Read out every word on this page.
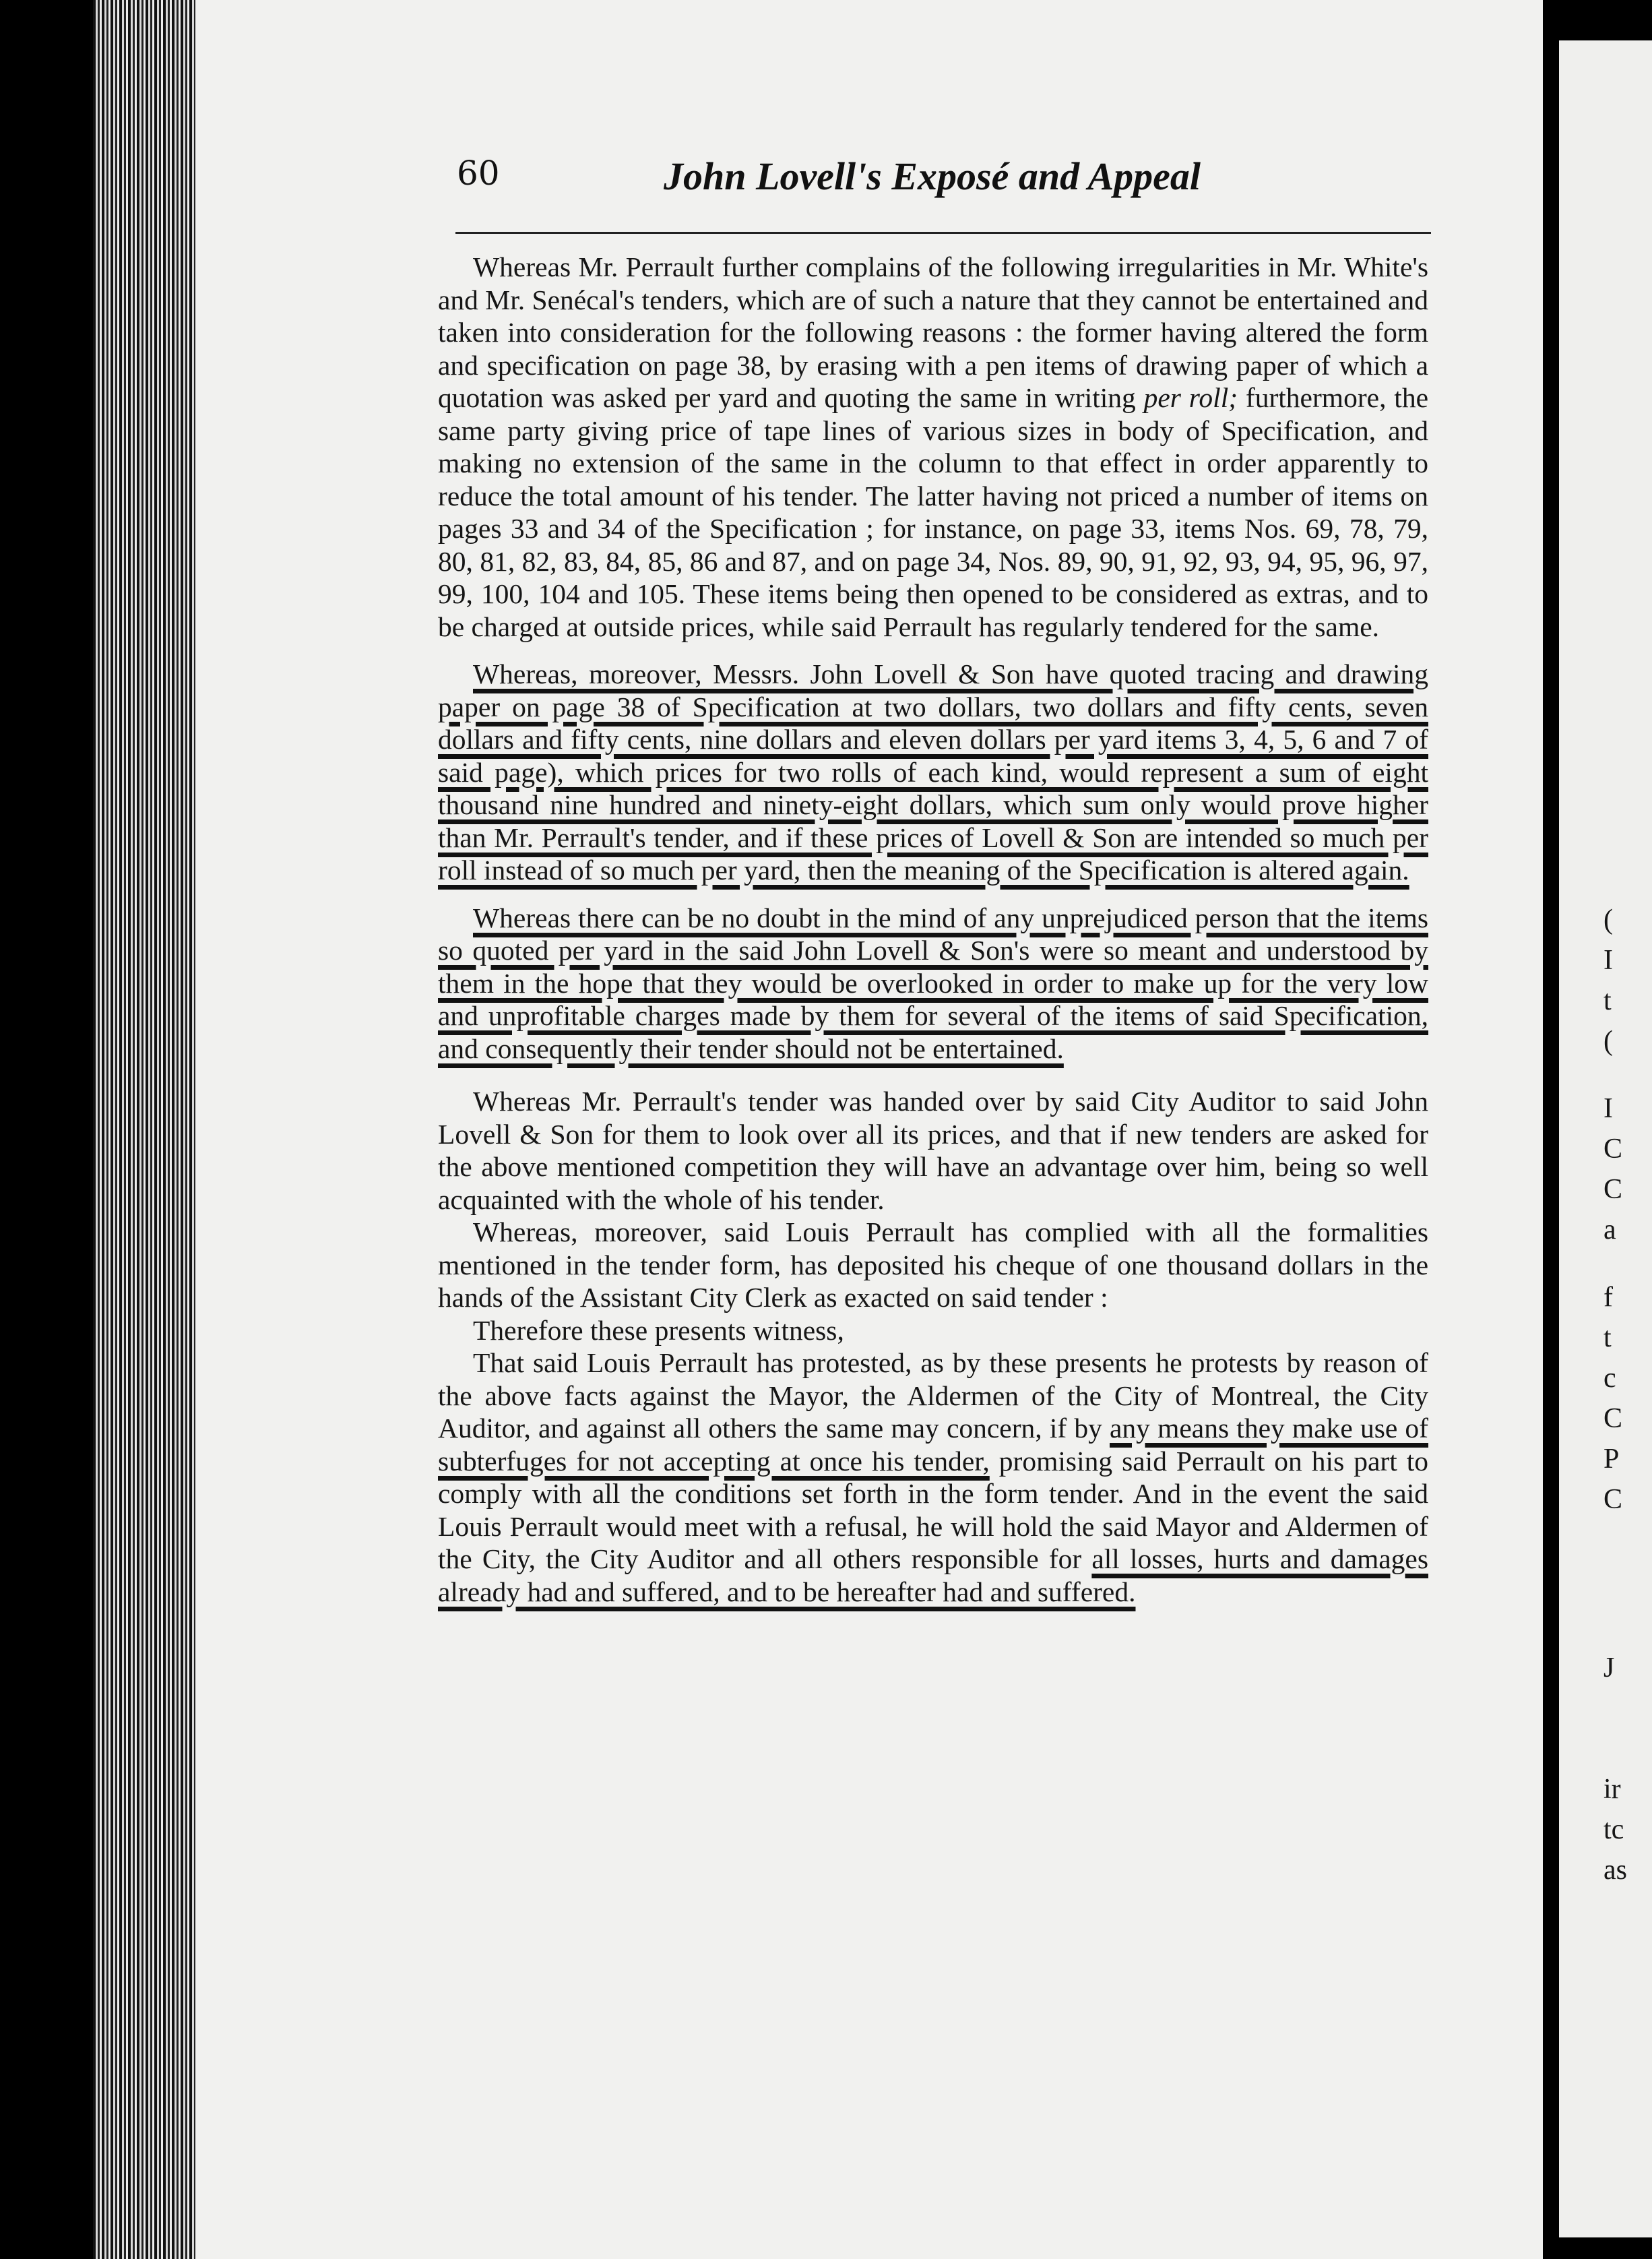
60	John Lovell's Exposé and Appeal

Whereas Mr. Perrault further complains of the following irregularities in Mr. White's and Mr. Senécal's tenders, which are of such a nature that they cannot be entertained and taken into consideration for the following reasons : the former having altered the form and specification on page 38, by erasing with a pen items of drawing paper of which a quotation was asked per yard and quoting the same in writing per roll; furthermore, the same party giving price of tape lines of various sizes in body of Specification, and making no extension of the same in the column to that effect in order apparently to reduce the total amount of his tender. The latter having not priced a number of items on pages 33 and 34 of the Specification ; for instance, on page 33, items Nos. 69, 78, 79, 80, 81, 82, 83, 84, 85, 86 and 87, and on page 34, Nos. 89, 90, 91, 92, 93, 94, 95, 96, 97, 99, 100, 104 and 105. These items being then opened to be considered as extras, and to be charged at outside prices, while said Perrault has regularly tendered for the same.

Whereas, moreover, Messrs. John Lovell & Son have quoted tracing and drawing paper on page 38 of Specification at two dollars, two dollars and fifty cents, seven dollars and fifty cents, nine dollars and eleven dollars per yard items 3, 4, 5, 6 and 7 of said page), which prices for two rolls of each kind, would represent a sum of eight thousand nine hundred and ninety-eight dollars, which sum only would prove higher than Mr. Perrault's tender, and if these prices of Lovell & Son are intended so much per roll instead of so much per yard, then the meaning of the Specification is altered again.

Whereas there can be no doubt in the mind of any unprejudiced person that the items so quoted per yard in the said John Lovell & Son's were so meant and understood by them in the hope that they would be overlooked in order to make up for the very low and unprofitable charges made by them for several of the items of said Specification, and consequently their tender should not be entertained.

Whereas Mr. Perrault's tender was handed over by said City Auditor to said John Lovell & Son for them to look over all its prices, and that if new tenders are asked for the above mentioned competition they will have an advantage over him, being so well acquainted with the whole of his tender.

Whereas, moreover, said Louis Perrault has complied with all the formalities mentioned in the tender form, has deposited his cheque of one thousand dollars in the hands of the Assistant City Clerk as exacted on said tender :

Therefore these presents witness,

That said Louis Perrault has protested, as by these presents he protests by reason of the above facts against the Mayor, the Aldermen of the City of Montreal, the City Auditor, and against all others the same may concern, if by any means they make use of subterfuges for not accepting at once his tender, promising said Perrault on his part to comply with all the conditions set forth in the form tender. And in the event the said Louis Perrault would meet with a refusal, he will hold the said Mayor and Aldermen of the City, the City Auditor and all others responsible for all losses, hurts and damages already had and suffered, and to be hereafter had and suffered.

(
I
t
(
I
C
C
a
f
t
c
C
P
C
J
ir
tc
as
